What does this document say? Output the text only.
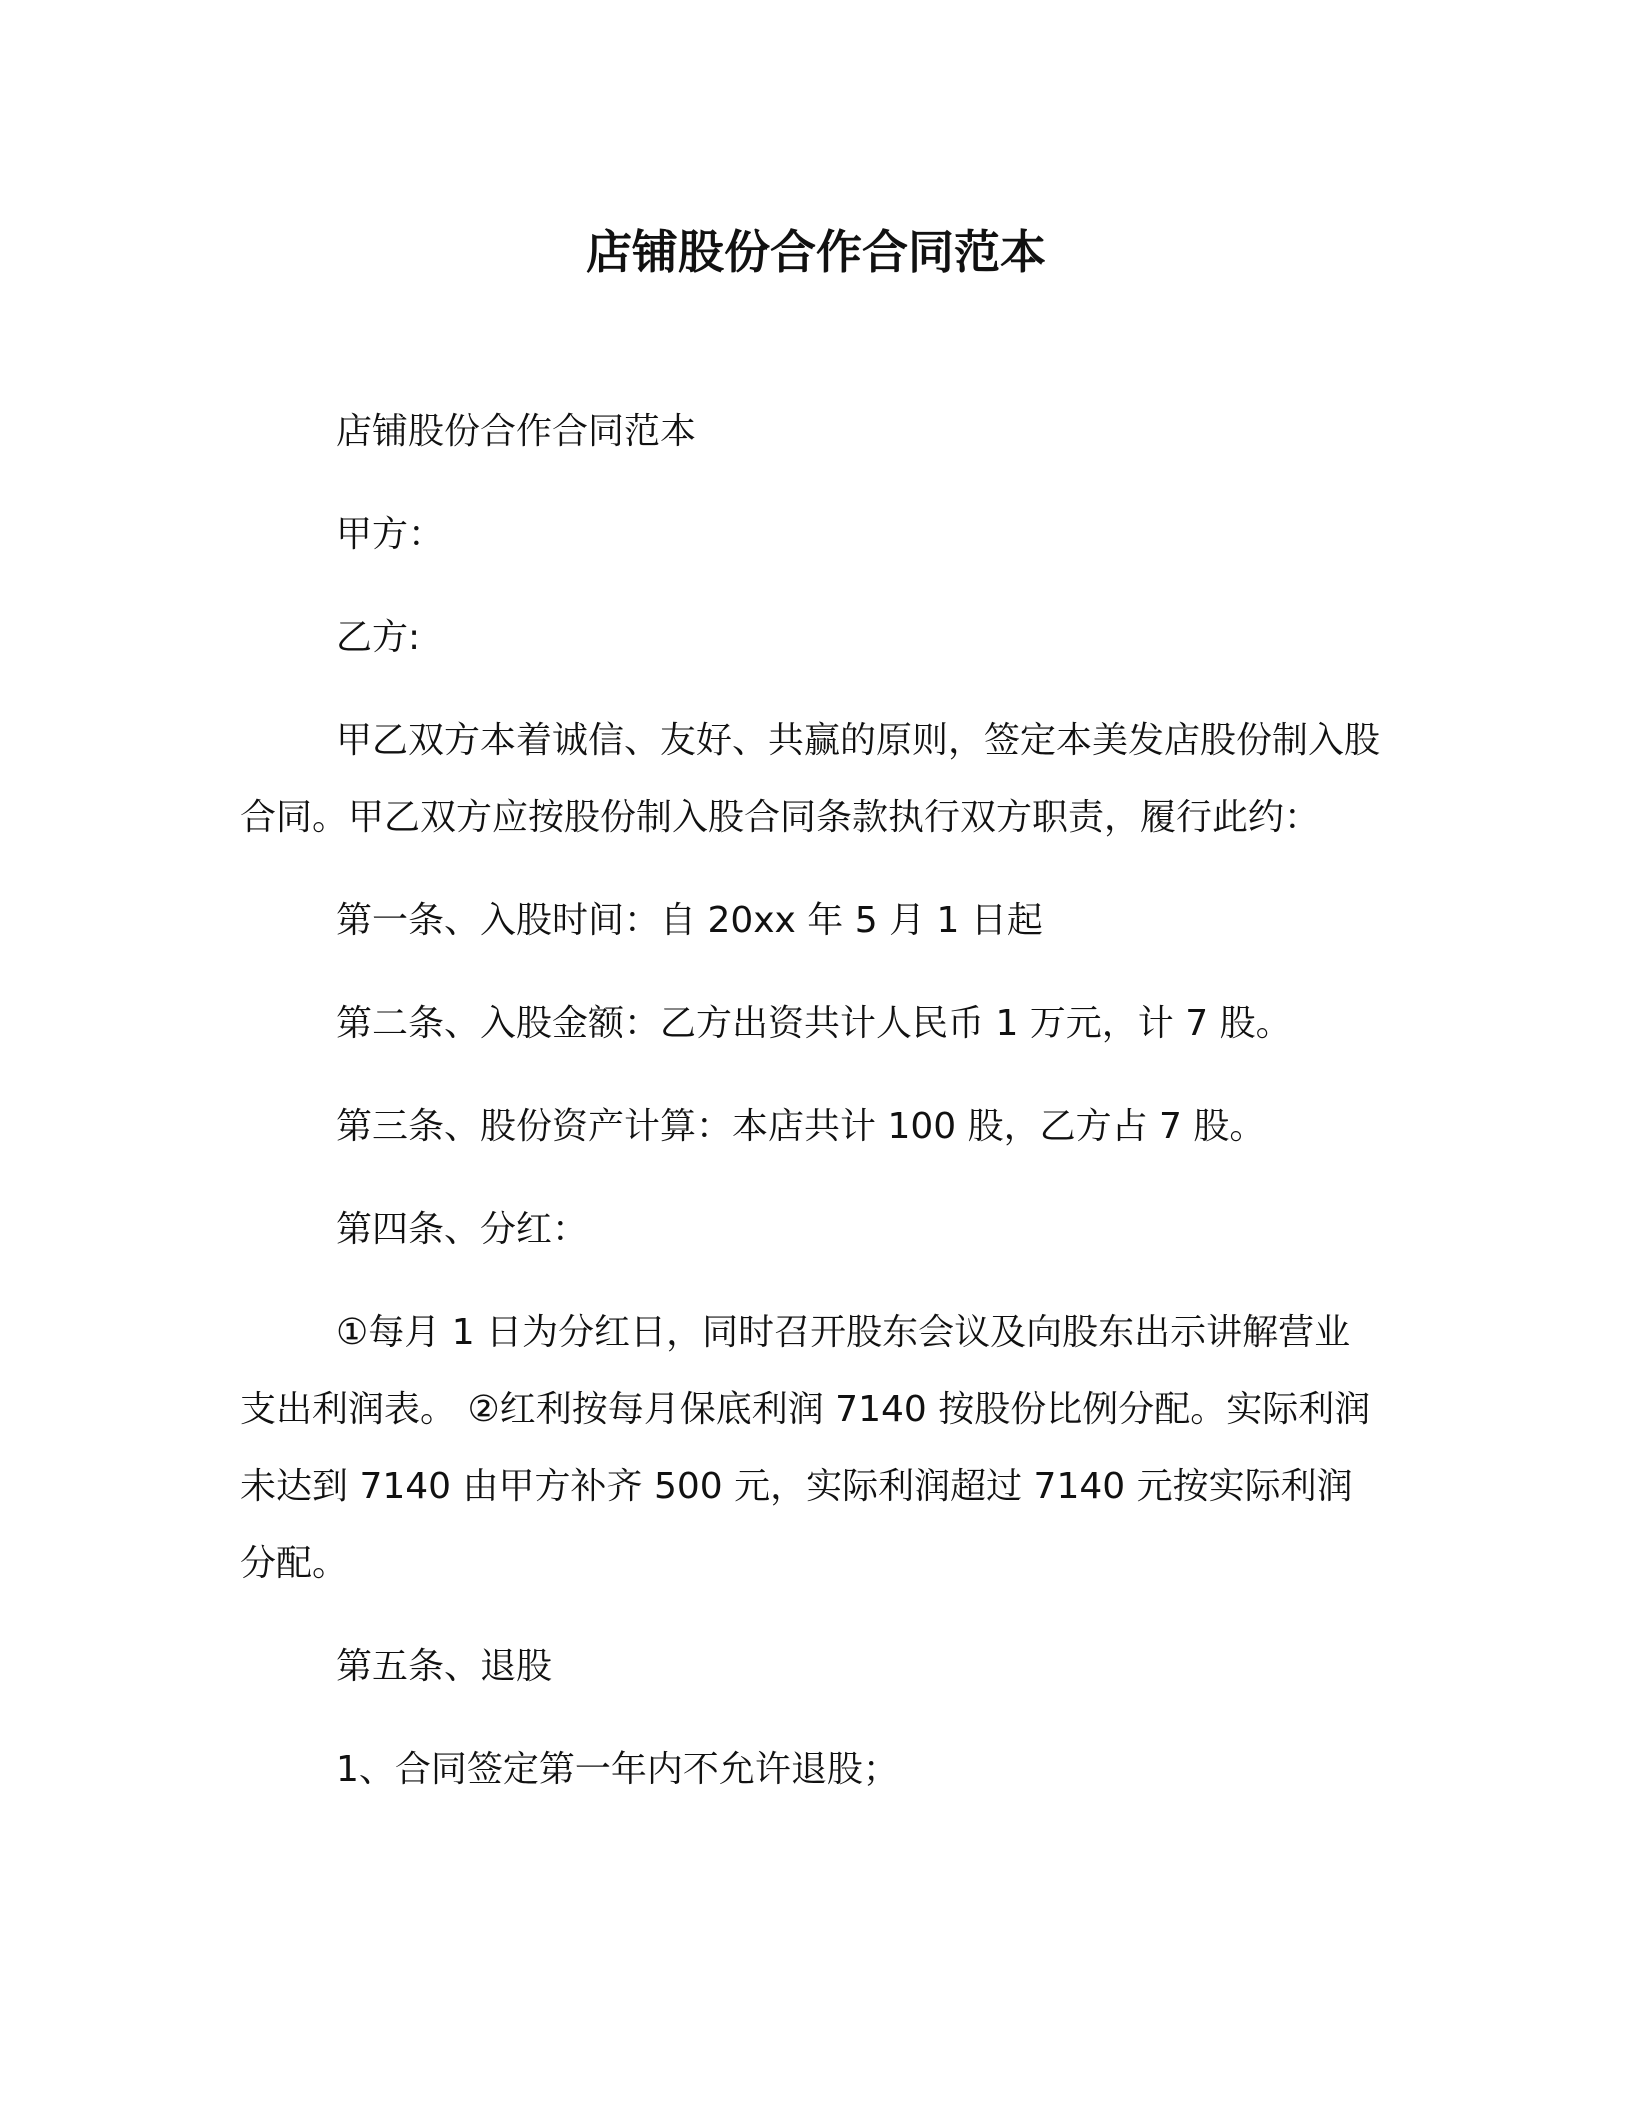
店铺股份合作合同范本

店铺股份合作合同范本

甲方：

乙方:

甲乙双方本着诚信、友好、共赢的原则，签定本美发店股份制入股合同。甲乙双方应按股份制入股合同条款执行双方职责，履行此约：

第一条、入股时间：自 20xx 年 5 月 1 日起

第二条、入股金额：乙方出资共计人民币 1 万元，计 7 股。

第三条、股份资产计算：本店共计 100 股，乙方占 7 股。

第四条、分红：

①每月 1 日为分红日，同时召开股东会议及向股东出示讲解营业支出利润表。 ②红利按每月保底利润 7140 按股份比例分配。实际利润未达到 7140 由甲方补齐 500 元，实际利润超过 7140 元按实际利润分配。

第五条、退股

1、合同签定第一年内不允许退股；
